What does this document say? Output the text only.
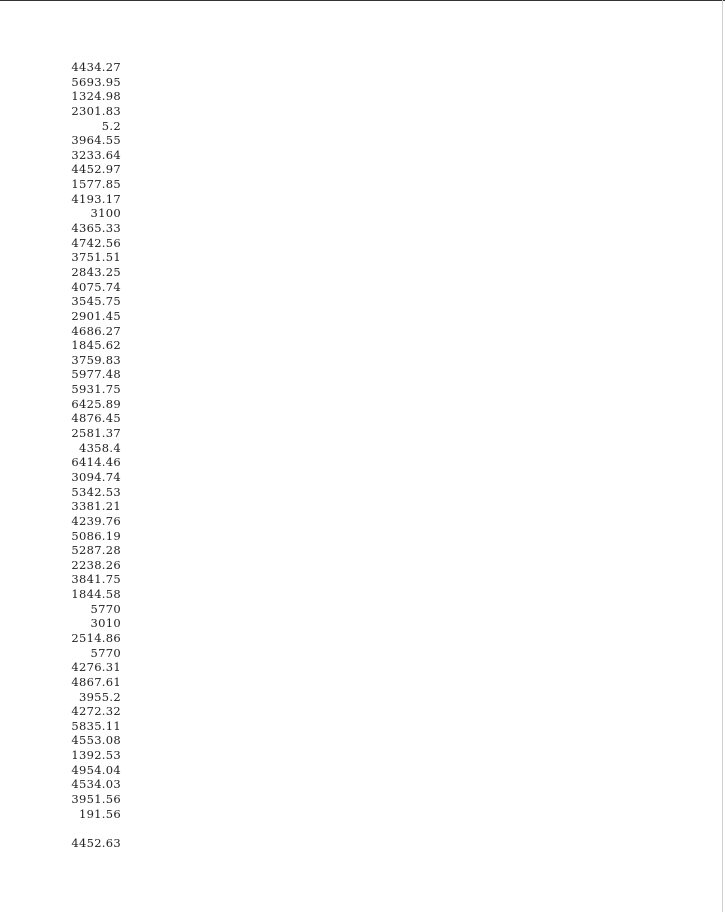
4434.27
5693.95
1324.98
2301.83
5.2
3964.55
3233.64
4452.97
1577.85
4193.17
3100
4365.33
4742.56
3751.51
2843.25
4075.74
3545.75
2901.45
4686.27
1845.62
3759.83
5977.48
5931.75
6425.89
4876.45
2581.37
4358.4
6414.46
3094.74
5342.53
3381.21
4239.76
5086.19
5287.28
2238.26
3841.75
1844.58
5770
3010
2514.86
5770
4276.31
4867.61
3955.2
4272.32
5835.11
4553.08
1392.53
4954.04
4534.03
3951.56
191.56
4452.63
